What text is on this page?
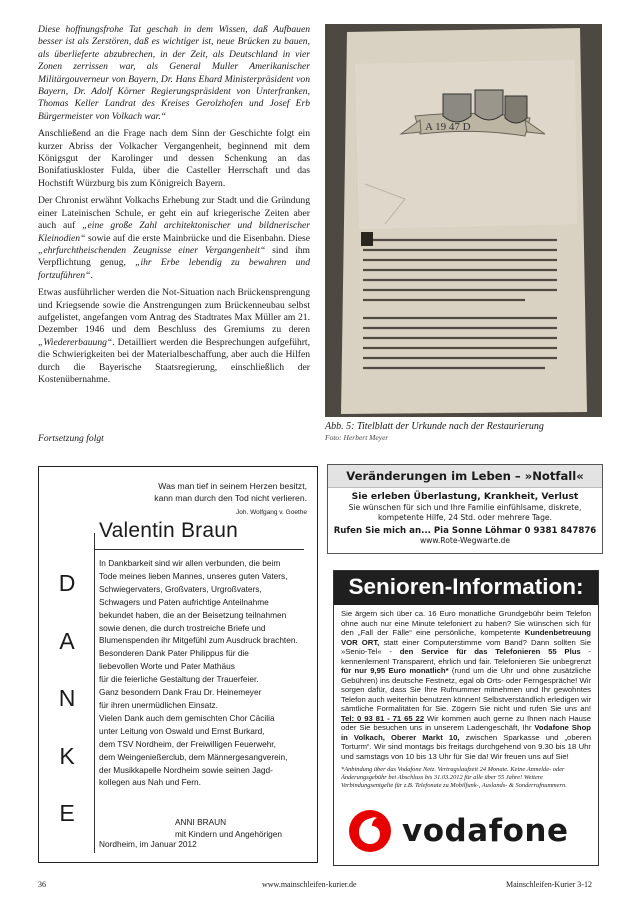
Diese hoffnungsfrohe Tat geschah in dem Wissen, daß Aufbauen besser ist als Zerstören, daß es wichtiger ist, neue Brücken zu bauen, als überlieferte abzubrechen, in der Zeit, als Deutschland in vier Zonen zerrissen war, als General Muller Amerikanischer Militärgouverneur von Bayern, Dr. Hans Ehard Ministerpräsident von Bayern, Dr. Adolf Körner Regierungspräsident von Unterfranken, Thomas Keller Landrat des Kreises Gerolzhofen und Josef Erb Bürgermeister von Volkach war.“

Anschließend an die Frage nach dem Sinn der Geschichte folgt ein kurzer Abriss der Volkacher Vergangenheit, beginnend mit dem Königsgut der Karolinger und dessen Schenkung an das Bonifatiuskloster Fulda, über die Casteller Herrschaft und das Hochstift Würzburg bis zum Königreich Bayern.

Der Chronist erwähnt Volkachs Erhebung zur Stadt und die Gründung einer Lateinischen Schule, er geht ein auf kriegerische Zeiten aber auch auf „eine große Zahl architektonischer und bildnerischer Kleinodien“ sowie auf die erste Mainbrücke und die Eisenbahn. Diese „ehrfurchtheischenden Zeugnisse einer Vergangenheit“ sind ihm Verpflichtung genug, „ihr Erbe lebendig zu bewahren und fortzuführen“.

Etwas ausführlicher werden die Not-Situation nach Brückensprengung und Kriegsende sowie die Anstrengungen zum Brückenneubau selbst aufgelistet, angefangen vom Antrag des Stadtrates Max Müller am 21. Dezember 1946 und dem Beschluss des Gremiums zu deren „Wiedererbauung“. Detailliert werden die Besprechungen aufgeführt, die Schwierigkeiten bei der Materialbeschaffung, aber auch die Hilfen durch die Bayerische Staatsregierung, einschließlich der Kostenübernahme.

Fortsetzung folgt
A 19 47 D
Abb. 5: Titelblatt der Urkunde nach der Restaurierung
Foto: Herbert Meyer
Was man tief in seinem Herzen besitzt,
kann man durch den Tod nicht verlieren.
Joh. Wolfgang v. Goethe
Valentin Braun
D
A
N
K
E
In Dankbarkeit sind wir allen verbunden, die beim
Tode meines lieben Mannes, unseres guten Vaters,
Schwiegervaters, Großvaters, Urgroßvaters,
Schwagers und Paten aufrichtige Anteilnahme
bekundet haben, die an der Beisetzung teilnahmen
sowie denen, die durch trostreiche Briefe und
Blumenspenden ihr Mitgefühl zum Ausdruck brachten.
Besonderen Dank Pater Philippus für die
liebevollen Worte und Pater Mathäus
für die feierliche Gestaltung der Trauerfeier.
Ganz besondern Dank Frau Dr. Heinemeyer
für ihren unermüdlichen Einsatz.
Vielen Dank auch dem gemischten Chor Cäcilia
unter Leitung von Oswald und Ernst Burkard,
dem TSV Nordheim, der Freiwilligen Feuerwehr,
dem Weingeniеßerclub, dem Männergesangverein,
der Musikkapelle Nordheim sowie seinen Jagd-
kollegen aus Nah und Fern.
ANNI BRAUN
mit Kindern und Angehörigen
Nordheim, im Januar 2012
Veränderungen im Leben – »Notfall«
Sie erleben Überlastung, Krankheit, Verlust
Sie wünschen für sich und Ihre Familie einfühlsame, diskrete, kompetente Hilfe, 24 Std. oder mehrere Tage.
Rufen Sie mich an... Pia Sonne Löhmar 0 9381 847876
www.Rote-Wegwarte.de
Senioren-Information:
Sie ärgern sich über ca. 16 Euro monatliche Grundgebühr beim Telefon ohne auch nur eine Minute telefoniert zu haben? Sie wünschen sich für den „Fall der Fälle“ eine persönliche, kompetente Kundenbetreuung VOR ORT, statt einer Computerstimme vom Band? Dann sollten Sie »Senio-Tel« - den Service für das Telefonieren 55 Plus - kennenlernen! Transparent, ehrlich und fair. Telefonieren Sie unbegrenzt für nur 9,95 Euro monatlich* (rund um die Uhr und ohne zusätzliche Gebühren) ins deutsche Festnetz, egal ob Orts- oder Ferngespräche! Wir sorgen dafür, dass Sie Ihre Rufnummer mitnehmen und Ihr gewohntes Telefon auch weiterhin benutzen können! Selbstverständlich erledigen wir sämtliche Formalitäten für Sie. Zögern Sie nicht und rufen Sie uns an! Tel: 0 93 81 - 71 65 22 Wir kommen auch gerne zu Ihnen nach Hause oder Sie besuchen uns in unserem Ladengeschäft, Ihr Vodafone Shop in Volkach, Oberer Markt 10, zwischen Sparkasse und „oberen Torturm“. Wir sind montags bis freitags durchgehend von 9.30 bis 18 Uhr und samstags von 10 bis 13 Uhr für Sie da! Wir freuen uns auf Sie!
*Anbindung über das Vodafone Netz. Vertragslaufzeit 24 Monate. Keine Anmelde- oder Änderungsgebühr bei Abschluss bis 31.03.2012 für alle über 55 Jahre! Weitere Verbindungsentgelte für z.B. Telefonate zu Mobilfunk-, Auslands- & Sonderrufnummern.
vodafone
36	www.mainschleifen-kurier.de	Mainschleifen-Kurier 3-12
